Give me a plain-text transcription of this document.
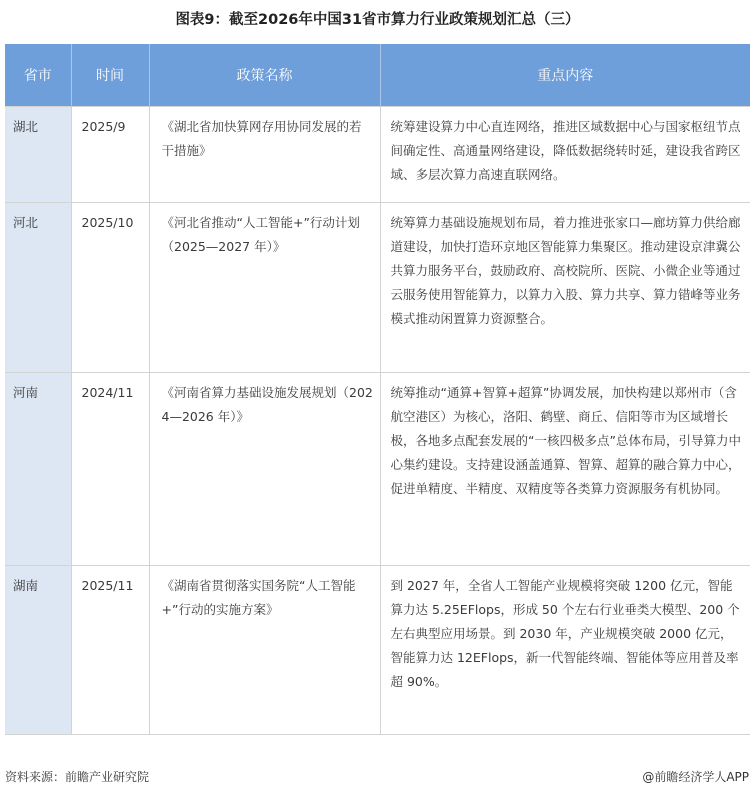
图表9：截至2026年中国31省市算力行业政策规划汇总（三）
省市	时间	政策名称	重点内容
湖北	2025/9	《湖北省加快算网存用协同发展的若干措施》	统筹建设算力中心直连网络，推进区域数据中心与国家枢纽节点间确定性、高通量网络建设，降低数据绕转时延，建设我省跨区域、多层次算力高速直联网络。
河北	2025/10	《河北省推动“人工智能+”行动计划（2025—2027 年）》	统筹算力基础设施规划布局，着力推进张家口—廊坊算力供给廊道建设，加快打造环京地区智能算力集聚区。推动建设京津冀公共算力服务平台，鼓励政府、高校院所、医院、小微企业等通过云服务使用智能算力，以算力入股、算力共享、算力错峰等业务模式推动闲置算力资源整合。
河南	2024/11	《河南省算力基础设施发展规划（2024—2026 年）》	统筹推动“通算+智算+超算”协调发展，加快构建以郑州市（含航空港区）为核心，洛阳、鹤壁、商丘、信阳等市为区域增长极，各地多点配套发展的“一核四极多点”总体布局，引导算力中心集约建设。支持建设涵盖通算、智算、超算的融合算力中心，促进单精度、半精度、双精度等各类算力资源服务有机协同。
湖南	2025/11	《湖南省贯彻落实国务院“人工智能+”行动的实施方案》	到 2027 年，全省人工智能产业规模将突破 1200 亿元，智能算力达 5.25EFlops，形成 50 个左右行业垂类大模型、200 个左右典型应用场景。到 2030 年，产业规模突破 2000 亿元，智能算力达 12EFlops，新一代智能终端、智能体等应用普及率超 90%。
资料来源：前瞻产业研究院	@前瞻经济学人APP
